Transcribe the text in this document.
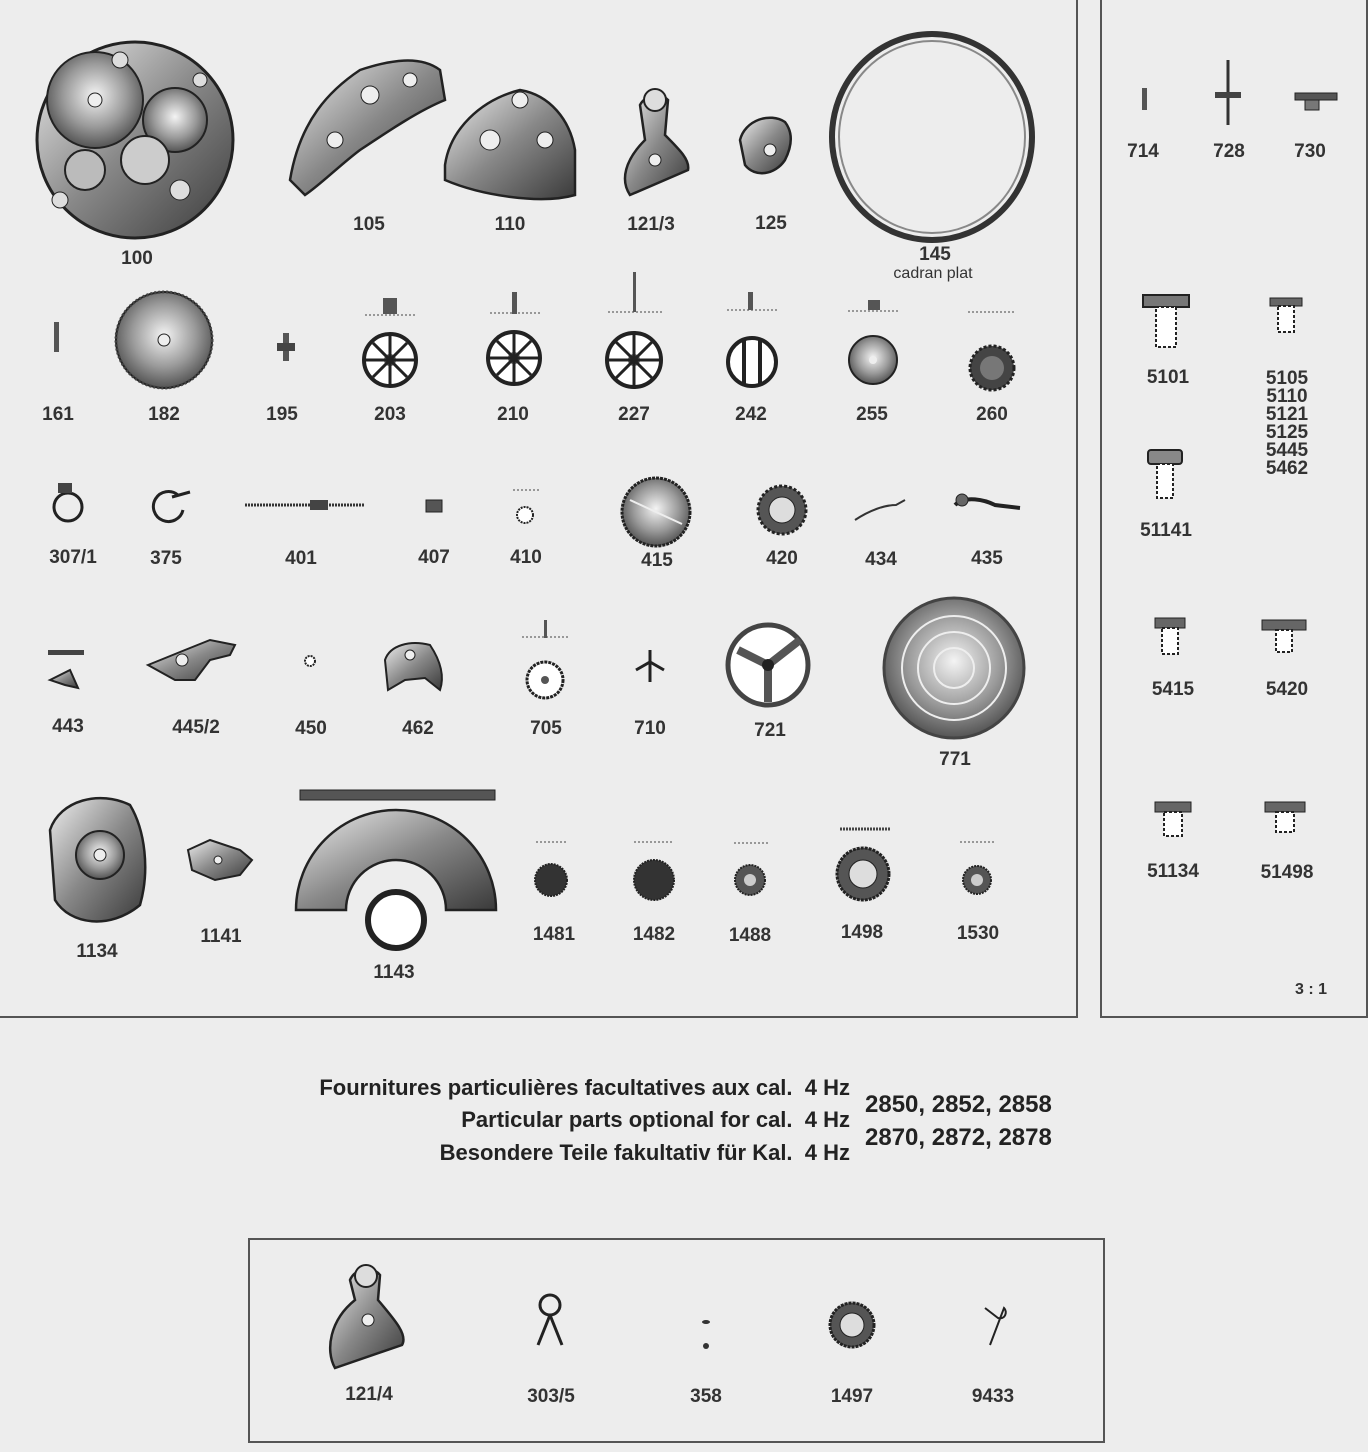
100
105	110	121/3	125
145
cadran plat
161	182	195	203	210	227	242	255	260
307/1	375	401	407	410	415	420	434	435
443	445/2	450	462	705	710	721
771
1134
1141
1143
1481	1482	1488	1498	1530
714	728	730
5101	5105
5110
5121
5125
5445
5462
51141
5415	5420
51134	51498
3 : 1
Fournitures particulières facultatives aux cal.  4 Hz
Particular parts optional for cal.  4 Hz
Besondere Teile fakultativ für Kal.  4 Hz
2850, 2852, 2858
2870, 2872, 2878
121/4	303/5	358	1497	9433
